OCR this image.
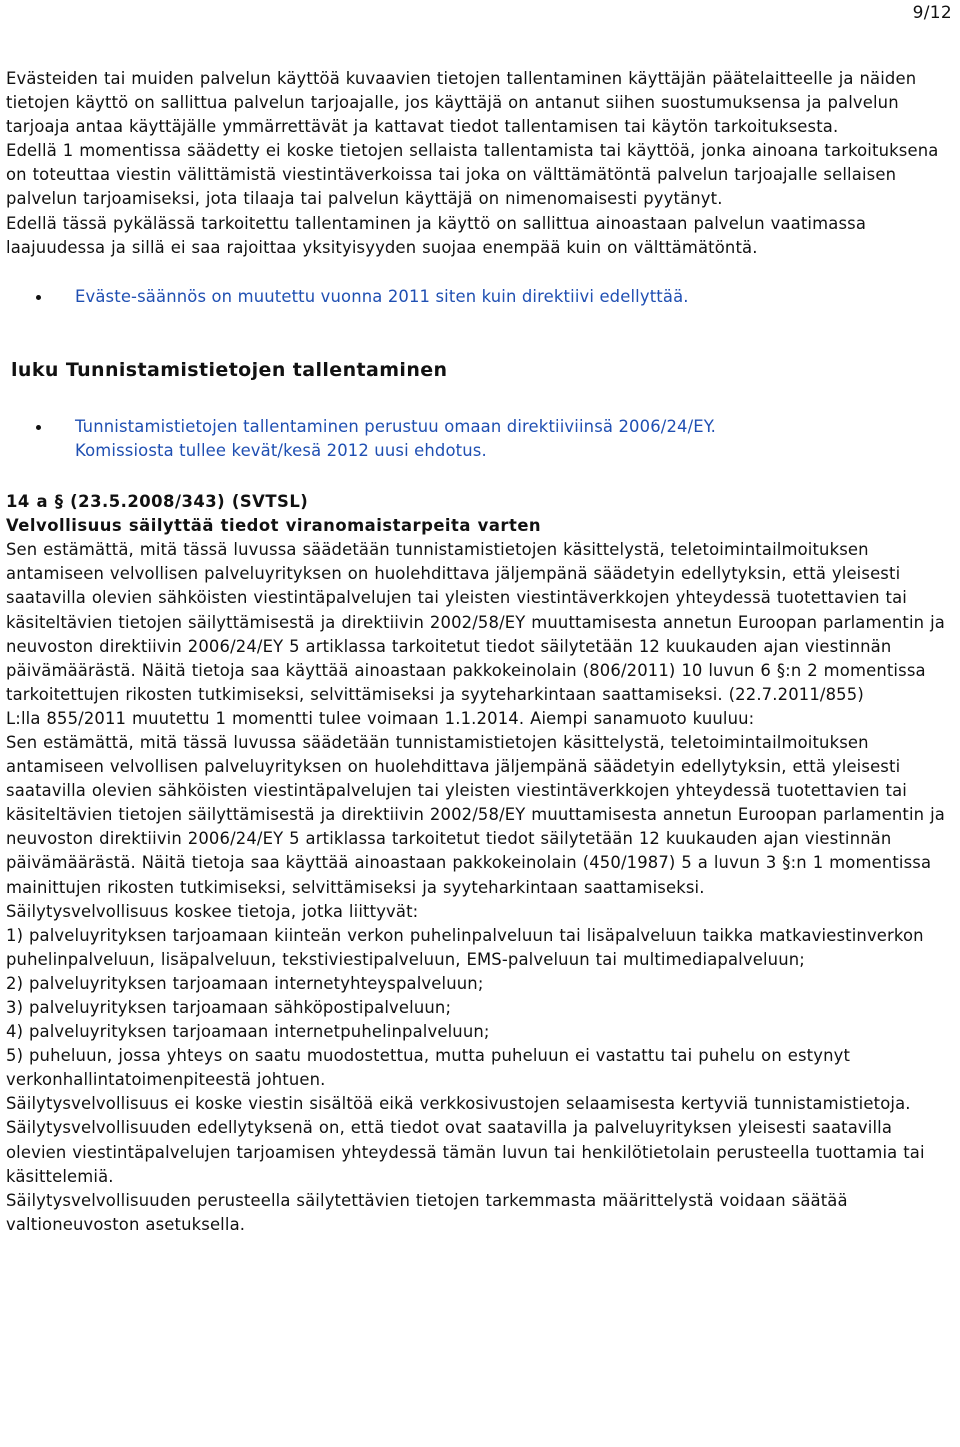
9/12

Evästeiden tai muiden palvelun käyttöä kuvaavien tietojen tallentaminen käyttäjän päätelaitteelle ja näiden tietojen käyttö on sallittua palvelun tarjoajalle, jos käyttäjä on antanut siihen suostumuksensa ja palvelun tarjoaja antaa käyttäjälle ymmärrettävät ja kattavat tiedot tallentamisen tai käytön tarkoituksesta.

Edellä 1 momentissa säädetty ei koske tietojen sellaista tallentamista tai käyttöä, jonka ainoana tarkoituksena on toteuttaa viestin välittämistä viestintäverkoissa tai joka on välttämätöntä palvelun tarjoajalle sellaisen palvelun tarjoamiseksi, jota tilaaja tai palvelun käyttäjä on nimenomaisesti pyytänyt.

Edellä tässä pykälässä tarkoitettu tallentaminen ja käyttö on sallittua ainoastaan palvelun vaatimassa laajuudessa ja sillä ei saa rajoittaa yksityisyyden suojaa enempää kuin on välttämätöntä.

Eväste-säännös on muutettu vuonna 2011 siten kuin direktiivi edellyttää.
luku Tunnistamistietojen tallentaminen
Tunnistamistietojen tallentaminen perustuu omaan direktiiviinsä 2006/24/EY.
Komissiosta tullee kevät/kesä 2012 uusi ehdotus.

14 a § (23.5.2008/343) (SVTSL)

Velvollisuus säilyttää tiedot viranomaistarpeita varten

Sen estämättä, mitä tässä luvussa säädetään tunnistamistietojen käsittelystä, teletoimintailmoituksen antamiseen velvollisen palveluyrityksen on huolehdittava jäljempänä säädetyin edellytyksin, että yleisesti saatavilla olevien sähköisten viestintäpalvelujen tai yleisten viestintäverkkojen yhteydessä tuotettavien tai käsiteltävien tietojen säilyttämisestä ja direktiivin 2002/58/EY muuttamisesta annetun Euroopan parlamentin ja neuvoston direktiivin 2006/24/EY 5 artiklassa tarkoitetut tiedot säilytetään 12 kuukauden ajan viestinnän päivämäärästä. Näitä tietoja saa käyttää ainoastaan pakkokeinolain (806/2011) 10 luvun 6 §:n 2 momentissa tarkoitettujen rikosten tutkimiseksi, selvittämiseksi ja syyteharkintaan saattamiseksi. (22.7.2011/855)

L:lla 855/2011 muutettu 1 momentti tulee voimaan 1.1.2014. Aiempi sanamuoto kuuluu:

Sen estämättä, mitä tässä luvussa säädetään tunnistamistietojen käsittelystä, teletoimintailmoituksen antamiseen velvollisen palveluyrityksen on huolehdittava jäljempänä säädetyin edellytyksin, että yleisesti saatavilla olevien sähköisten viestintäpalvelujen tai yleisten viestintäverkkojen yhteydessä tuotettavien tai käsiteltävien tietojen säilyttämisestä ja direktiivin 2002/58/EY muuttamisesta annetun Euroopan parlamentin ja neuvoston direktiivin 2006/24/EY 5 artiklassa tarkoitetut tiedot säilytetään 12 kuukauden ajan viestinnän päivämäärästä. Näitä tietoja saa käyttää ainoastaan pakkokeinolain (450/1987) 5 a luvun 3 §:n 1 momentissa mainittujen rikosten tutkimiseksi, selvittämiseksi ja syyteharkintaan saattamiseksi.

Säilytysvelvollisuus koskee tietoja, jotka liittyvät:

1) palveluyrityksen tarjoamaan kiinteän verkon puhelinpalveluun tai lisäpalveluun taikka matkaviestinverkon puhelinpalveluun, lisäpalveluun, tekstiviestipalveluun, EMS-palveluun tai multimediapalveluun;

2) palveluyrityksen tarjoamaan internetyhteyspalveluun;

3) palveluyrityksen tarjoamaan sähköpostipalveluun;

4) palveluyrityksen tarjoamaan internetpuhelinpalveluun;

5) puheluun, jossa yhteys on saatu muodostettua, mutta puheluun ei vastattu tai puhelu on estynyt verkonhallintatoimenpiteestä johtuen.

Säilytysvelvollisuus ei koske viestin sisältöä eikä verkkosivustojen selaamisesta kertyviä tunnistamistietoja.

Säilytysvelvollisuuden edellytyksenä on, että tiedot ovat saatavilla ja palveluyrityksen yleisesti saatavilla olevien viestintäpalvelujen tarjoamisen yhteydessä tämän luvun tai henkilötietolain perusteella tuottamia tai käsittelemiä.

Säilytysvelvollisuuden perusteella säilytettävien tietojen tarkemmasta määrittelystä voidaan säätää valtioneuvoston asetuksella.
